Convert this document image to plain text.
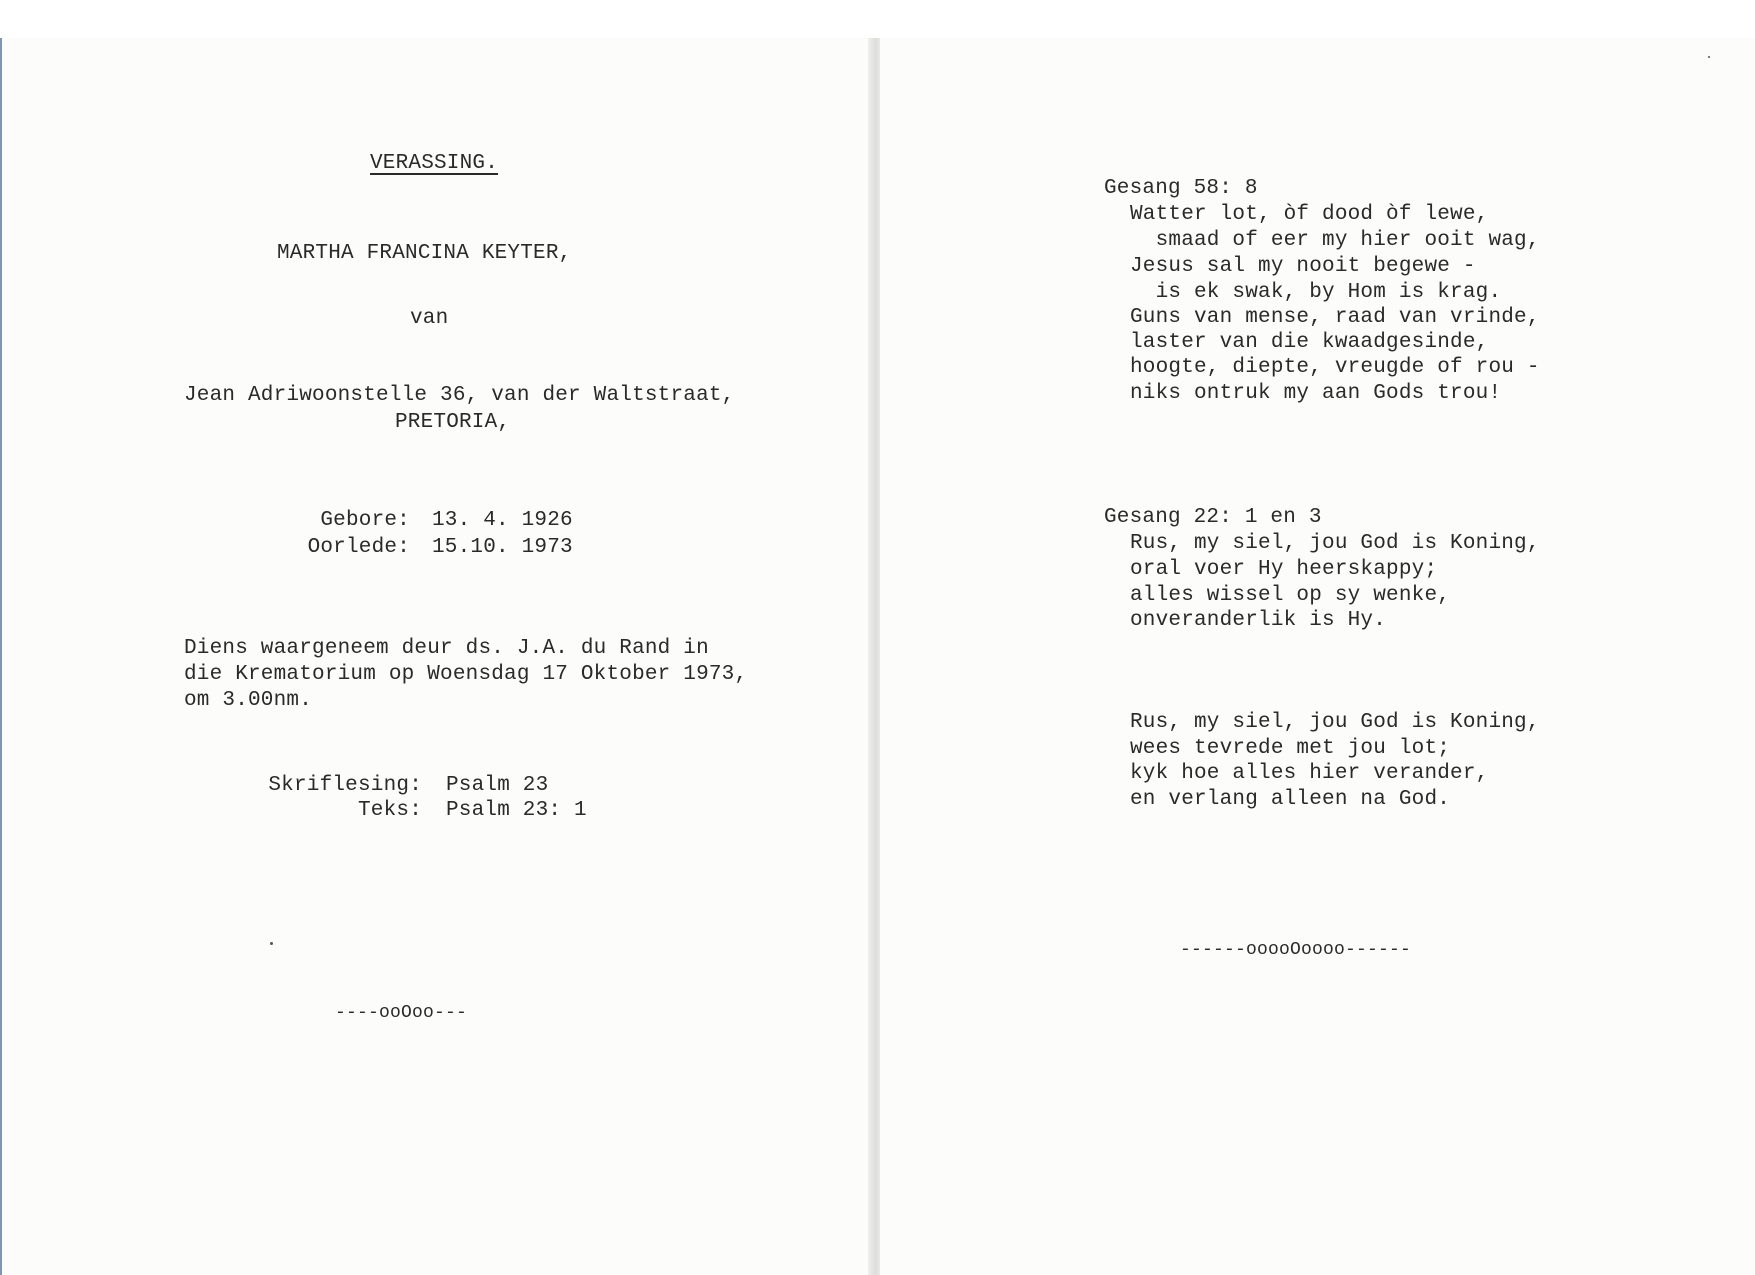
VERASSING.
MARTHA FRANCINA KEYTER,
van
Jean Adriwoonstelle 36, van der Waltstraat,
PRETORIA,
Gebore: 13. 4. 1926
Oorlede: 15.10. 1973
Diens waargeneem deur ds. J.A. du Rand in
die Krematorium op Woensdag 17 Oktober 1973,
om 3.00nm.
Skriflesing: Psalm 23
Teks: Psalm 23: 1
----ooOoo---
Gesang 58: 8
Watter lot, òf dood òf lewe,
smaad of eer my hier ooit wag,
Jesus sal my nooit begewe -
is ek swak, by Hom is krag.
Guns van mense, raad van vrinde,
laster van die kwaadgesinde,
hoogte, diepte, vreugde of rou -
niks ontruk my aan Gods trou!
Gesang 22: 1 en 3
Rus, my siel, jou God is Koning,
oral voer Hy heerskappy;
alles wissel op sy wenke,
onveranderlik is Hy.
Rus, my siel, jou God is Koning,
wees tevrede met jou lot;
kyk hoe alles hier verander,
en verlang alleen na God.
------ooooOoooo------
